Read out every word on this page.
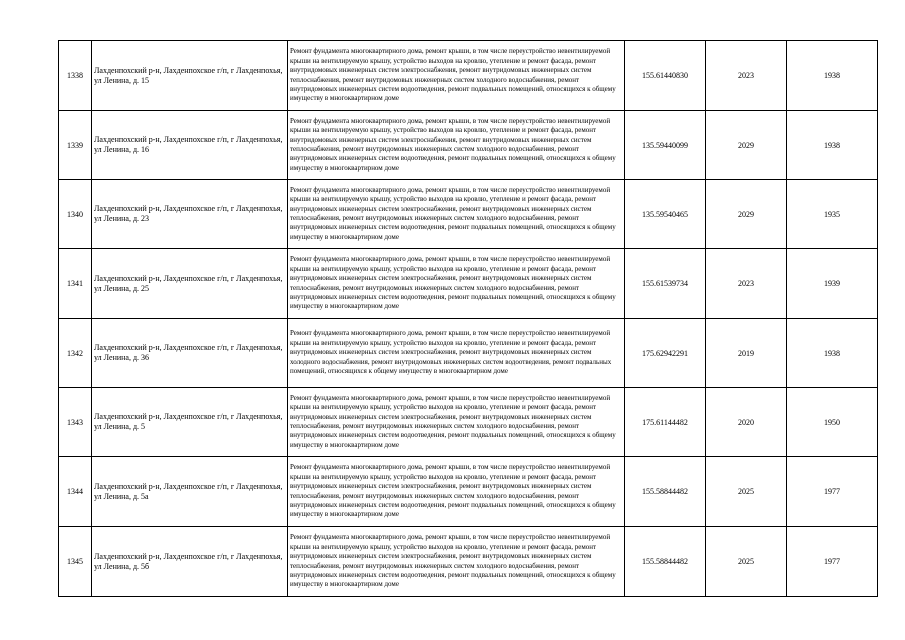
1338	Лахденпохский р-н, Лахденпохское г/п, г Лахденпохья, ул Ленина, д. 15	Ремонт фундамента многоквартирного дома, ремонт крыши, в том числе переустройство невентилируемой крыши на вентилируемую крышу, устройство выходов на кровлю, утепление и ремонт фасада, ремонт внутридомовых инженерных систем электроснабжения, ремонт внутридомовых инженерных систем теплоснабжения, ремонт внутридомовых инженерных систем холодного водоснабжения, ремонт внутридомовых инженерных систем водоотведения, ремонт подвальных помещений, относящихся к общему имуществу в многоквартирном доме	155.61440830	2023	1938
1339	Лахденпохский р-н, Лахденпохское г/п, г Лахденпохья, ул Ленина, д. 16	Ремонт фундамента многоквартирного дома, ремонт крыши, в том числе переустройство невентилируемой крыши на вентилируемую крышу, устройство выходов на кровлю, утепление и ремонт фасада, ремонт внутридомовых инженерных систем электроснабжения, ремонт внутридомовых инженерных систем теплоснабжения, ремонт внутридомовых инженерных систем холодного водоснабжения, ремонт внутридомовых инженерных систем водоотведения, ремонт подвальных помещений, относящихся к общему имуществу в многоквартирном доме	135.59440099	2029	1938
1340	Лахденпохский р-н, Лахденпохское г/п, г Лахденпохья, ул Ленина, д. 23	Ремонт фундамента многоквартирного дома, ремонт крыши, в том числе переустройство невентилируемой крыши на вентилируемую крышу, устройство выходов на кровлю, утепление и ремонт фасада, ремонт внутридомовых инженерных систем электроснабжения, ремонт внутридомовых инженерных систем теплоснабжения, ремонт внутридомовых инженерных систем холодного водоснабжения, ремонт внутридомовых инженерных систем водоотведения, ремонт подвальных помещений, относящихся к общему имуществу в многоквартирном доме	135.59540465	2029	1935
1341	Лахденпохский р-н, Лахденпохское г/п, г Лахденпохья, ул Ленина, д. 25	Ремонт фундамента многоквартирного дома, ремонт крыши, в том числе переустройство невентилируемой крыши на вентилируемую крышу, устройство выходов на кровлю, утепление и ремонт фасада, ремонт внутридомовых инженерных систем электроснабжения, ремонт внутридомовых инженерных систем теплоснабжения, ремонт внутридомовых инженерных систем холодного водоснабжения, ремонт внутридомовых инженерных систем водоотведения, ремонт подвальных помещений, относящихся к общему имуществу в многоквартирном доме	155.61539734	2023	1939
1342	Лахденпохский р-н, Лахденпохское г/п, г Лахденпохья, ул Ленина, д. 36	Ремонт фундамента многоквартирного дома, ремонт крыши, в том числе переустройство невентилируемой крыши на вентилируемую крышу, устройство выходов на кровлю, утепление и ремонт фасада, ремонт внутридомовых инженерных систем электроснабжения, ремонт внутридомовых инженерных систем холодного водоснабжения, ремонт внутридомовых инженерных систем водоотведения, ремонт подвальных помещений, относящихся к общему имуществу в многоквартирном доме	175.62942291	2019	1938
1343	Лахденпохский р-н, Лахденпохское г/п, г Лахденпохья, ул Ленина, д. 5	Ремонт фундамента многоквартирного дома, ремонт крыши, в том числе переустройство невентилируемой крыши на вентилируемую крышу, устройство выходов на кровлю, утепление и ремонт фасада, ремонт внутридомовых инженерных систем электроснабжения, ремонт внутридомовых инженерных систем теплоснабжения, ремонт внутридомовых инженерных систем холодного водоснабжения, ремонт внутридомовых инженерных систем водоотведения, ремонт подвальных помещений, относящихся к общему имуществу в многоквартирном доме	175.61144482	2020	1950
1344	Лахденпохский р-н, Лахденпохское г/п, г Лахденпохья, ул Ленина, д. 5а	Ремонт фундамента многоквартирного дома, ремонт крыши, в том числе переустройство невентилируемой крыши на вентилируемую крышу, устройство выходов на кровлю, утепление и ремонт фасада, ремонт внутридомовых инженерных систем электроснабжения, ремонт внутридомовых инженерных систем теплоснабжения, ремонт внутридомовых инженерных систем холодного водоснабжения, ремонт внутридомовых инженерных систем водоотведения, ремонт подвальных помещений, относящихся к общему имуществу в многоквартирном доме	155.58844482	2025	1977
1345	Лахденпохский р-н, Лахденпохское г/п, г Лахденпохья, ул Ленина, д. 5б	Ремонт фундамента многоквартирного дома, ремонт крыши, в том числе переустройство невентилируемой крыши на вентилируемую крышу, устройство выходов на кровлю, утепление и ремонт фасада, ремонт внутридомовых инженерных систем электроснабжения, ремонт внутридомовых инженерных систем теплоснабжения, ремонт внутридомовых инженерных систем холодного водоснабжения, ремонт внутридомовых инженерных систем водоотведения, ремонт подвальных помещений, относящихся к общему имуществу в многоквартирном доме	155.58844482	2025	1977
